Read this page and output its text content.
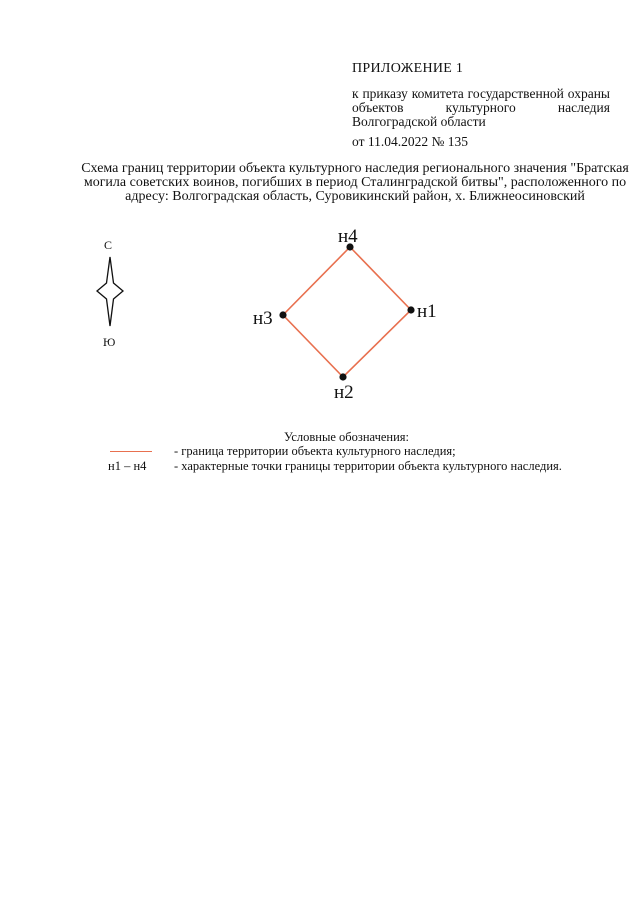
ПРИЛОЖЕНИЕ 1
к приказу комитета государственной охраны объектов культурного наследия Волгоградской области
от 11.04.2022 № 135
Схема границ территории объекта культурного наследия регионального значения "Братская могила советских воинов, погибших в период Сталинградской битвы", расположенного по адресу: Волгоградская область, Суровикинский район, х. Ближнеосиновский
С
Ю
н4
н1
н2
н3
Условные обозначения:
- граница территории объекта культурного наследия;
н1 – н4 - характерные точки границы территории объекта культурного наследия.
